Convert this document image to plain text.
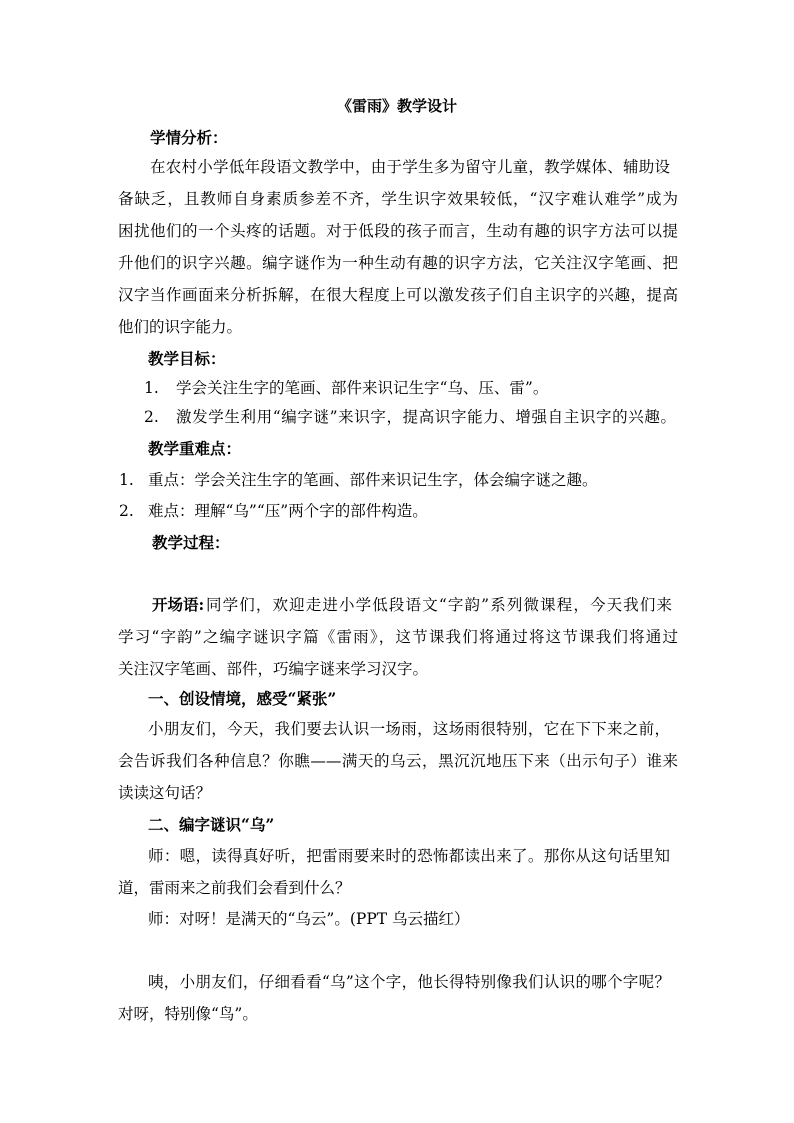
《雷雨》教学设计
学情分析：
在农村小学低年段语文教学中，由于学生多为留守儿童，教学媒体、辅助设
备缺乏，且教师自身素质参差不齐，学生识字效果较低，“汉字难认难学”成为
困扰他们的一个头疼的话题。对于低段的孩子而言，生动有趣的识字方法可以提
升他们的识字兴趣。编字谜作为一种生动有趣的识字方法，它关注汉字笔画、把
汉字当作画面来分析拆解，在很大程度上可以激发孩子们自主识字的兴趣，提高
他们的识字能力。
教学目标：
1.	学会关注生字的笔画、部件来识记生字“乌、压、雷”。
2.	激发学生利用“编字谜”来识字，提高识字能力、增强自主识字的兴趣。
教学重难点：
1. 重点：学会关注生字的笔画、部件来识记生字，体会编字谜之趣。
2. 难点：理解“乌”“压”两个字的部件构造。
教学过程：
开场语: 同学们，欢迎走进小学低段语文“字韵”系列微课程，今天我们来
学习“字韵”之编字谜识字篇《雷雨》，这节课我们将通过将这节课我们将通过
关注汉字笔画、部件，巧编字谜来学习汉字。
一、创设情境，感受“紧张”
小朋友们，今天，我们要去认识一场雨，这场雨很特别，它在下下来之前，
会告诉我们各种信息？你瞧——满天的乌云，黑沉沉地压下来（出示句子）谁来
读读这句话？
二、编字谜识“乌”
师：嗯，读得真好听，把雷雨要来时的恐怖都读出来了。那你从这句话里知
道，雷雨来之前我们会看到什么？
师：对呀！是满天的“乌云”。(PPT 乌云描红）
咦，小朋友们，仔细看看“乌”这个字，他长得特别像我们认识的哪个字呢？
对呀，特别像“鸟”。
